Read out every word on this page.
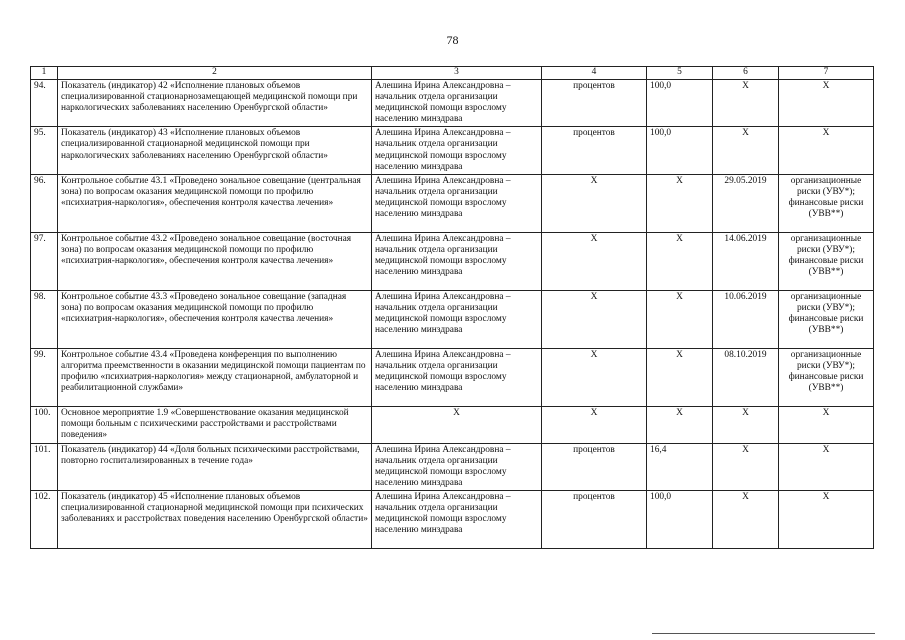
78
1	2	3	4	5	6	7
94.	Показатель (индикатор) 42 «Исполнение плановых объемов специализированной стационарнозамещающей медицинской помощи при наркологических заболеваниях населению Оренбургской области»	Алешина Ирина Александровна – начальник отдела организации медицинской помощи взрослому населению минздрава	процентов	100,0	X	X
95.	Показатель (индикатор) 43 «Исполнение плановых объемов специализированной стационарной медицинской помощи при наркологических заболеваниях населению Оренбургской области»	Алешина Ирина Александровна – начальник отдела организации медицинской помощи взрослому населению минздрава	процентов	100,0	X	X
96.	Контрольное событие 43.1 «Проведено зональное совещание (центральная зона) по вопросам оказания медицинской помощи по профилю «психиатрия-наркология», обеспечения контроля качества лечения»	Алешина Ирина Александровна – начальник отдела организации медицинской помощи взрослому населению минздрава	X	X	29.05.2019	организационные риски (УВУ*); финансовые риски (УВВ**)
97.	Контрольное событие 43.2 «Проведено зональное совещание (восточная зона) по вопросам оказания медицинской помощи по профилю «психиатрия-наркология», обеспечения контроля качества лечения»	Алешина Ирина Александровна – начальник отдела организации медицинской помощи взрослому населению минздрава	X	X	14.06.2019	организационные риски (УВУ*); финансовые риски (УВВ**)
98.	Контрольное событие 43.3 «Проведено зональное совещание (западная зона) по вопросам оказания медицинской помощи по профилю «психиатрия-наркология», обеспечения контроля качества лечения»	Алешина Ирина Александровна – начальник отдела организации медицинской помощи взрослому населению минздрава	X	X	10.06.2019	организационные риски (УВУ*); финансовые риски (УВВ**)
99.	Контрольное событие 43.4 «Проведена конференция по выполнению алгоритма преемственности в оказании медицинской помощи пациентам по профилю «психиатрия-наркология» между стационарной, амбулаторной и реабилитационной службами»	Алешина Ирина Александровна – начальник отдела организации медицинской помощи взрослому населению минздрава	X	X	08.10.2019	организационные риски (УВУ*); финансовые риски (УВВ**)
100.	Основное мероприятие 1.9 «Совершенствование оказания медицинской помощи больным с психическими расстройствами и расстройствами поведения»	X	X	X	X	X
101.	Показатель (индикатор) 44 «Доля больных психическими расстройствами, повторно госпитализированных в течение года»	Алешина Ирина Александровна – начальник отдела организации медицинской помощи взрослому населению минздрава	процентов	16,4	X	X
102.	Показатель (индикатор) 45 «Исполнение плановых объемов специализированной стационарной медицинской помощи при психических заболеваниях и расстройствах поведения населению Оренбургской области»	Алешина Ирина Александровна – начальник отдела организации медицинской помощи взрослому населению минздрава	процентов	100,0	X	X
